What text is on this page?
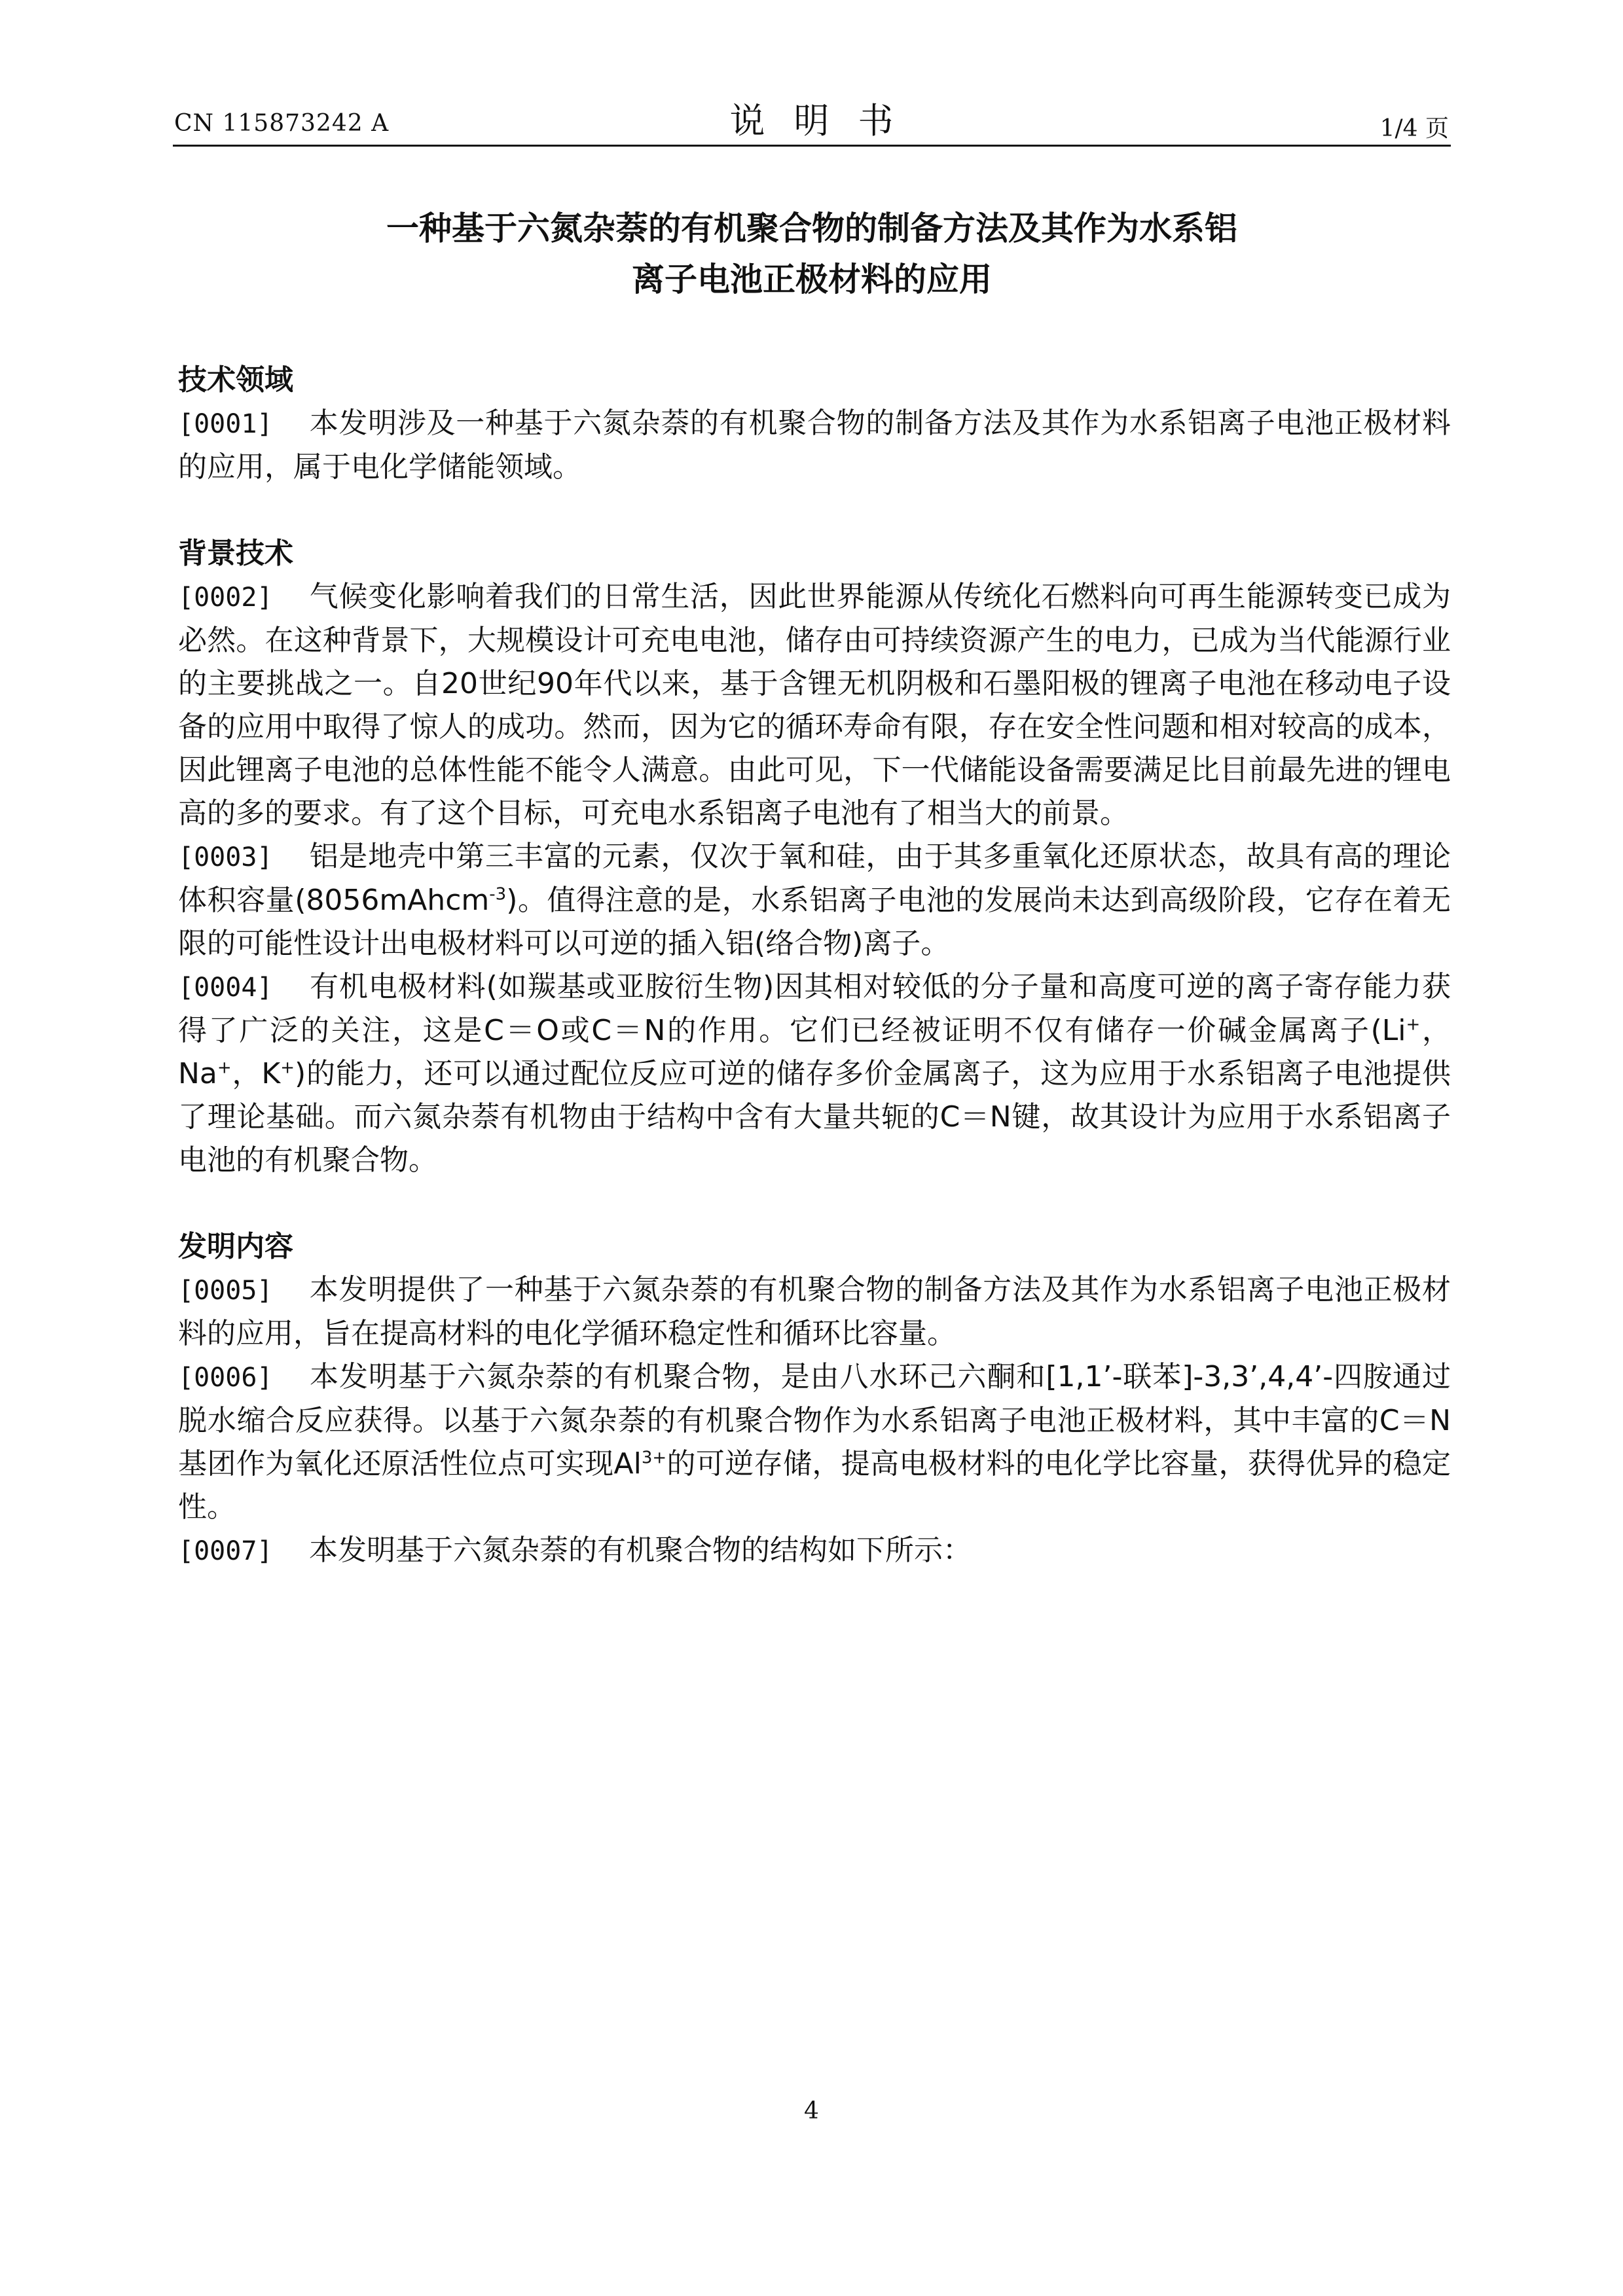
CN 115873242 A	说明书	1/4 页
一种基于六氮杂萘的有机聚合物的制备方法及其作为水系铝
离子电池正极材料的应用
技术领域

[0001] 本发明涉及一种基于六氮杂萘的有机聚合物的制备方法及其作为水系铝离子电池正极材料的应用，属于电化学储能领域。

背景技术

[0002] 气候变化影响着我们的日常生活，因此世界能源从传统化石燃料向可再生能源转变已成为必然。在这种背景下，大规模设计可充电电池，储存由可持续资源产生的电力，已成为当代能源行业的主要挑战之一。自20世纪90年代以来，基于含锂无机阴极和石墨阳极的锂离子电池在移动电子设备的应用中取得了惊人的成功。然而，因为它的循环寿命有限，存在安全性问题和相对较高的成本，因此锂离子电池的总体性能不能令人满意。由此可见，下一代储能设备需要满足比目前最先进的锂电高的多的要求。有了这个目标，可充电水系铝离子电池有了相当大的前景。

[0003] 铝是地壳中第三丰富的元素，仅次于氧和硅，由于其多重氧化还原状态，故具有高的理论体积容量(8056mAhcm$^{-3}$)。值得注意的是，水系铝离子电池的发展尚未达到高级阶段，它存在着无限的可能性设计出电极材料可以可逆的插入铝(络合物)离子。

[0004] 有机电极材料(如羰基或亚胺衍生物)因其相对较低的分子量和高度可逆的离子寄存能力获得了广泛的关注，这是C＝O或C＝N的作用。它们已经被证明不仅有储存一价碱金属离子(Li+，Na+，K+)的能力，还可以通过配位反应可逆的储存多价金属离子，这为应用于水系铝离子电池提供了理论基础。而六氮杂萘有机物由于结构中含有大量共轭的C＝N键，故其设计为应用于水系铝离子电池的有机聚合物。

发明内容

[0005] 本发明提供了一种基于六氮杂萘的有机聚合物的制备方法及其作为水系铝离子电池正极材料的应用，旨在提高材料的电化学循环稳定性和循环比容量。

[0006] 本发明基于六氮杂萘的有机聚合物，是由八水环己六酮和[1,1’-联苯]-3,3’,4,4’-四胺通过脱水缩合反应获得。以基于六氮杂萘的有机聚合物作为水系铝离子电池正极材料，其中丰富的C＝N基团作为氧化还原活性位点可实现$Al^{3+}$的可逆存储，提高电极材料的电化学比容量，获得优异的稳定性。

[0007] 本发明基于六氮杂萘的有机聚合物的结构如下所示：

4
